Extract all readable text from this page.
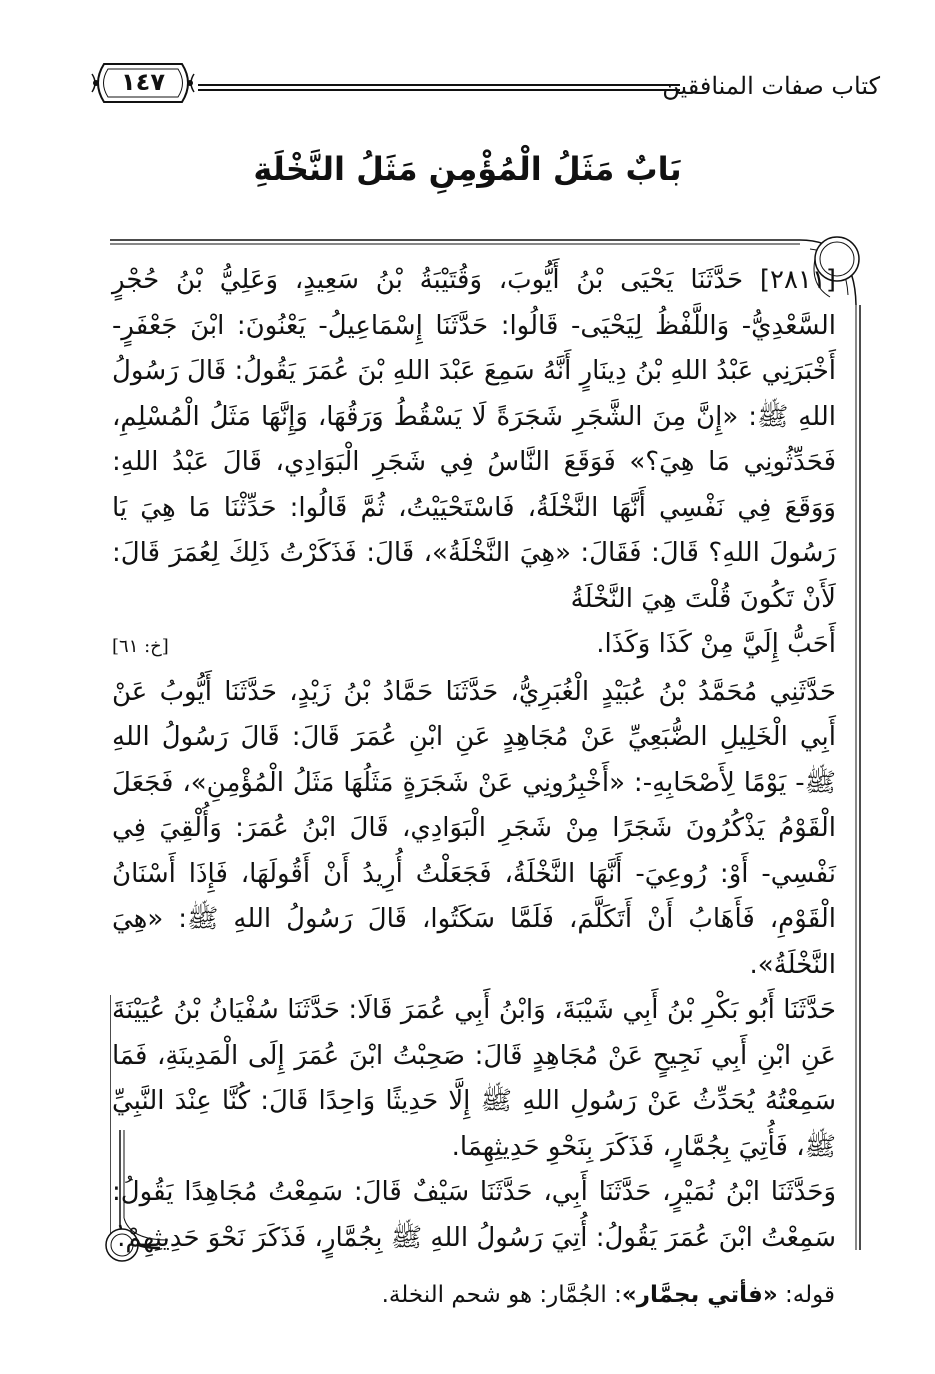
كتاب صفات المنافقين
١٤٧
بَابٌ مَثَلُ الْمُؤْمِنِ مَثَلُ النَّخْلَةِ

[٢٨١١] حَدَّثَنَا يَحْيَى بْنُ أَيُّوبَ، وَقُتَيْبَةُ بْنُ سَعِيدٍ، وَعَلِيُّ بْنُ حُجْرٍ السَّعْدِيُّ- وَاللَّفْظُ لِيَحْيَى- قَالُوا: حَدَّثَنَا إِسْمَاعِيلُ- يَعْنُونَ: ابْنَ جَعْفَرٍ- أَخْبَرَنِي عَبْدُ اللهِ بْنُ دِينَارٍ أَنَّهُ سَمِعَ عَبْدَ اللهِ بْنَ عُمَرَ يَقُولُ: قَالَ رَسُولُ اللهِ ﷺ: «إِنَّ مِنَ الشَّجَرِ شَجَرَةً لَا يَسْقُطُ وَرَقُهَا، وَإِنَّهَا مَثَلُ الْمُسْلِمِ، فَحَدِّثُونِي مَا هِيَ؟» فَوَقَعَ النَّاسُ فِي شَجَرِ الْبَوَادِي، قَالَ عَبْدُ اللهِ: وَوَقَعَ فِي نَفْسِي أَنَّهَا النَّخْلَةُ، فَاسْتَحْيَيْتُ، ثُمَّ قَالُوا: حَدِّثْنَا مَا هِيَ يَا رَسُولَ اللهِ؟ قَالَ: فَقَالَ: «هِيَ النَّخْلَةُ»، قَالَ: فَذَكَرْتُ ذَلِكَ لِعُمَرَ قَالَ: لَأَنْ تَكُونَ قُلْتَ هِيَ النَّخْلَةُ

أَحَبُّ إِلَيَّ مِنْ كَذَا وَكَذَا.
[خ: ٦١]

حَدَّثَنِي مُحَمَّدُ بْنُ عُبَيْدٍ الْغُبَرِيُّ، حَدَّثَنَا حَمَّادُ بْنُ زَيْدٍ، حَدَّثَنَا أَيُّوبُ عَنْ أَبِي الْخَلِيلِ الضُّبَعِيِّ عَنْ مُجَاهِدٍ عَنِ ابْنِ عُمَرَ قَالَ: قَالَ رَسُولُ اللهِ ﷺ- يَوْمًا لِأَصْحَابِهِ-: «أَخْبِرُونِي عَنْ شَجَرَةٍ مَثَلُهَا مَثَلُ الْمُؤْمِنِ»، فَجَعَلَ الْقَوْمُ يَذْكُرُونَ شَجَرًا مِنْ شَجَرِ الْبَوَادِي، قَالَ ابْنُ عُمَرَ: وَأُلْقِيَ فِي نَفْسِي- أَوْ: رُوعِيَ- أَنَّهَا النَّخْلَةُ، فَجَعَلْتُ أُرِيدُ أَنْ أَقُولَهَا، فَإِذَا أَسْنَانُ الْقَوْمِ، فَأَهَابُ أَنْ أَتَكَلَّمَ، فَلَمَّا سَكَتُوا، قَالَ رَسُولُ اللهِ ﷺ: «هِيَ النَّخْلَةُ».

حَدَّثَنَا أَبُو بَكْرِ بْنُ أَبِي شَيْبَةَ، وَابْنُ أَبِي عُمَرَ قَالَا: حَدَّثَنَا سُفْيَانُ بْنُ عُيَيْنَةَ عَنِ ابْنِ أَبِي نَجِيحٍ عَنْ مُجَاهِدٍ قَالَ: صَحِبْتُ ابْنَ عُمَرَ إِلَى الْمَدِينَةِ، فَمَا سَمِعْتُهُ يُحَدِّثُ عَنْ رَسُولِ اللهِ ﷺ إِلَّا حَدِيثًا وَاحِدًا قَالَ: كُنَّا عِنْدَ النَّبِيِّ ﷺ، فَأُتِيَ بِجُمَّارٍ، فَذَكَرَ بِنَحْوِ حَدِيثِهِمَا.

وَحَدَّثَنَا ابْنُ نُمَيْرٍ، حَدَّثَنَا أَبِي، حَدَّثَنَا سَيْفٌ قَالَ: سَمِعْتُ مُجَاهِدًا يَقُولُ: سَمِعْتُ ابْنَ عُمَرَ يَقُولُ: أُتِيَ رَسُولُ اللهِ ﷺ بِجُمَّارٍ، فَذَكَرَ نَحْوَ حَدِيثِهِمْ.

قوله: «فأتي بجمَّار»: الجُمَّار: هو شحم النخلة.
